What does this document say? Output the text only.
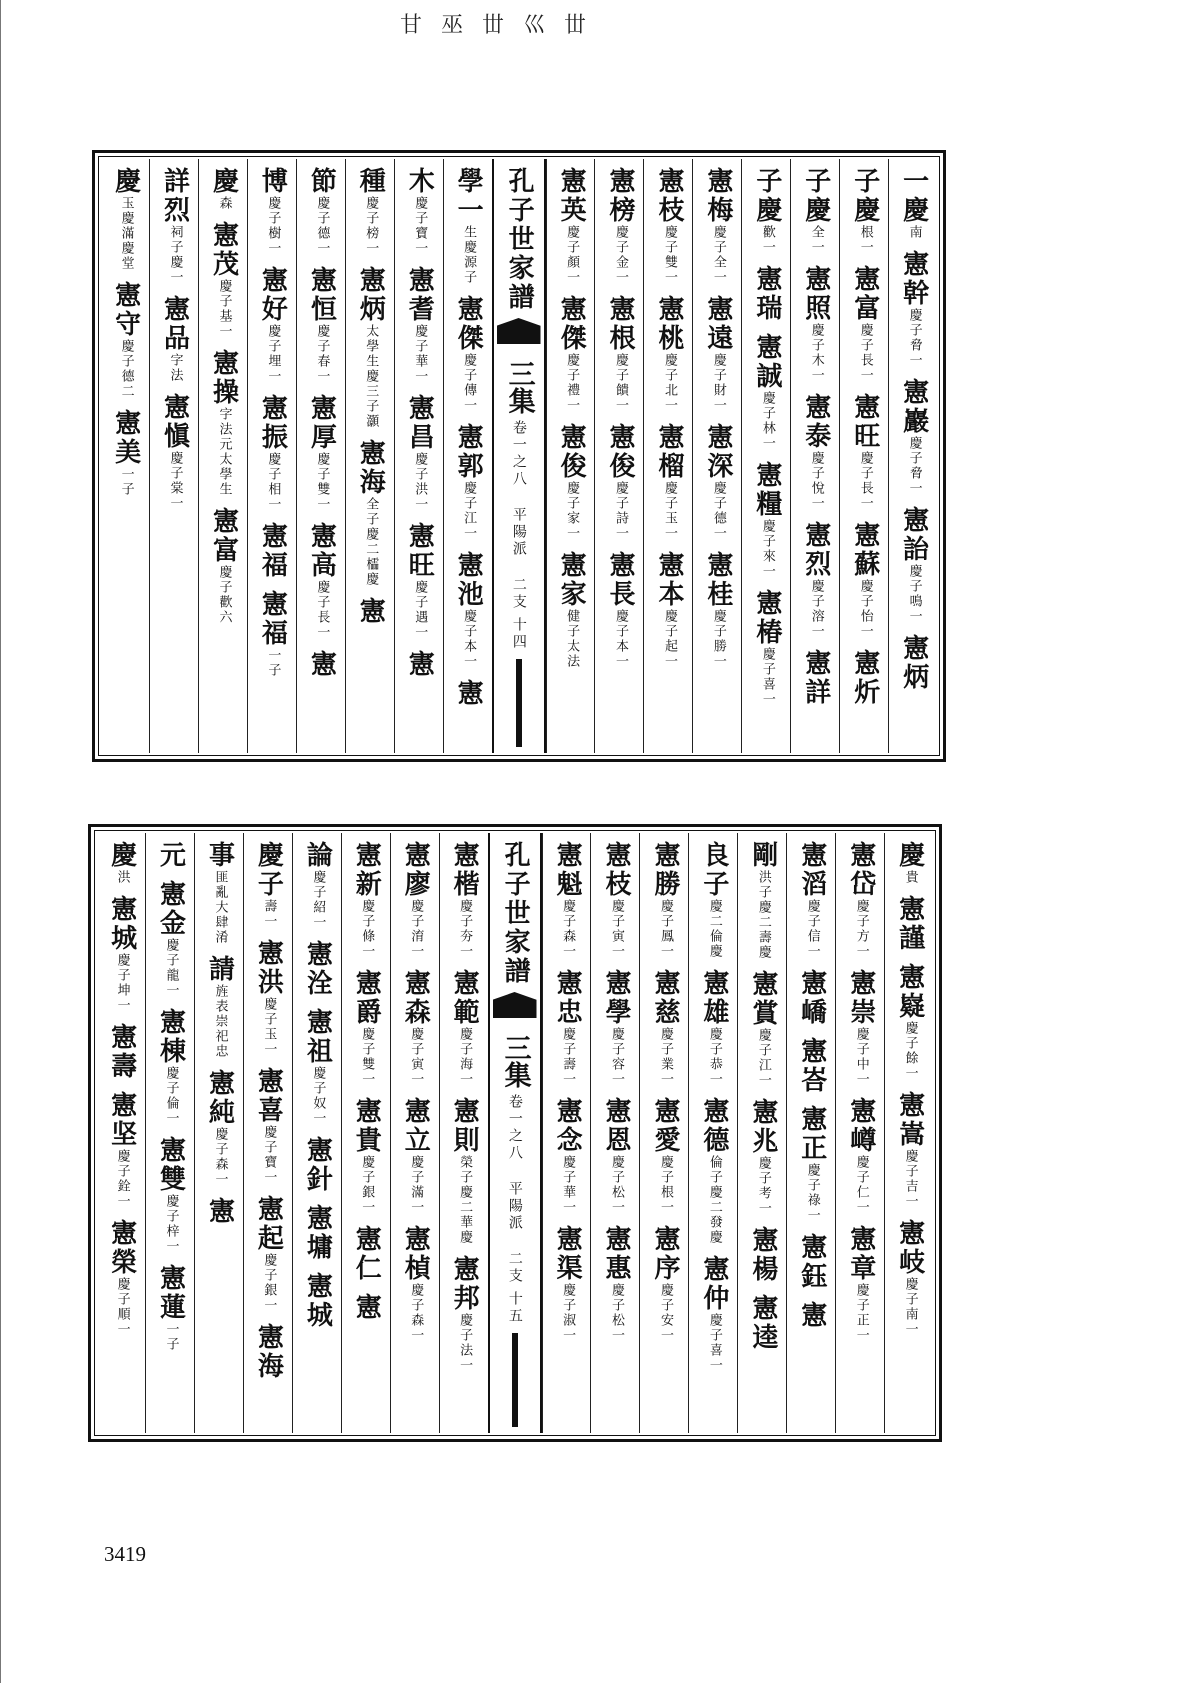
甘 巫 丗 巛 丗
一慶南
憲幹慶子脅一
憲巖慶子脅一
憲詒慶子鳴一
憲炳
子慶根一
憲富慶子長一
憲旺慶子長一
憲蘇慶子怡一
憲炘
子慶全一
憲照慶子木一
憲泰慶子悅一
憲烈慶子溶一
憲詳
子慶歡一
憲瑞
憲誠慶子林一
憲糧慶子來一
憲椿慶子喜一
憲梅慶子全一
憲遠慶子財一
憲深慶子德一
憲桂慶子勝一
憲枝慶子雙一
憲桃慶子北一
憲榴慶子玉一
憲本慶子起一
憲榜慶子金一
憲根慶子饋一
憲俊慶子詩一
憲長慶子本一
憲英慶子顏一
憲傑慶子禮一
憲俊慶子家一
憲家健子太法
孔子世家譜
三集
卷一之八 平陽派 二支
十四
學一生慶源子
憲傑慶子傳一
憲郭慶子江一
憲池慶子本一
憲
木慶子寶一
憲耆慶子華一
憲昌慶子洪一
憲旺慶子遇一
憲
種慶子榜一
憲炳太學生慶三子灝
憲海全子慶二櫺慶
憲
節慶子德一
憲恒慶子春一
憲厚慶子雙一
憲高慶子長一
憲
博慶子樹一
憲好慶子埋一
憲振慶子相一
憲福
憲福一子
慶森
憲茂慶子基一
憲操字法元太學生
憲富慶子歡六
詳烈祠子慶一
憲品字法
憲愼慶子棠一
慶玉慶滿慶堂
憲守慶子德二
憲美一子
慶貴
憲謹
憲嶷慶子餘一
憲嵩慶子吉一
憲岐慶子南一
憲岱慶子方一
憲崇慶子中一
憲嶟慶子仁一
憲章慶子正一
憲滔慶子信一
憲嶠
憲峇
憲正慶子祿一
憲鈺
憲
剛洪子慶二壽慶
憲賞慶子江一
憲兆慶子考一
憲楊
憲逵
良子慶二倫慶
憲雄慶子恭一
憲德倫子慶二發慶
憲仲慶子喜一
憲勝慶子鳳一
憲慈慶子業一
憲愛慶子根一
憲序慶子安一
憲枝慶子寅一
憲學慶子容一
憲恩慶子松一
憲惠慶子松一
憲魁慶子森一
憲忠慶子壽一
憲念慶子華一
憲渠慶子淑一
孔子世家譜
三集
卷一之八 平陽派 二支
十五
憲楷慶子夯一
憲範慶子海一
憲則榮子慶二華慶
憲邦慶子法一
憲廖慶子淯一
憲森慶子寅一
憲立慶子滿一
憲楨慶子森一
憲新慶子條一
憲爵慶子雙一
憲貴慶子銀一
憲仁
憲
論慶子紹一
憲洤
憲祖慶子奴一
憲針
憲墉
憲城
慶子壽一
憲洪慶子玉一
憲喜慶子寶一
憲起慶子銀一
憲海
事匪亂大肆淆
請旌表崇祀忠
憲純慶子森一
憲
元
憲金慶子龍一
憲棟慶子倫一
憲雙慶子梓一
憲蓮一子
慶洪
憲城慶子坤一
憲壽
憲坚慶子銓一
憲榮慶子順一
3419
